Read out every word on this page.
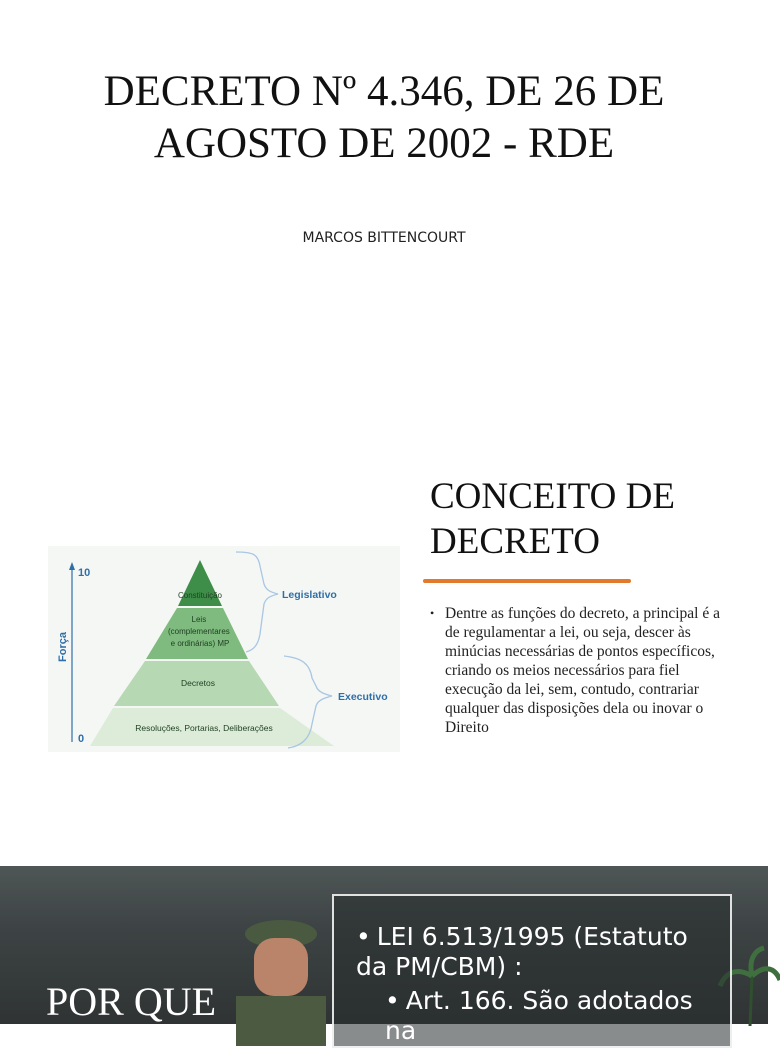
DECRETO Nº 4.346, DE 26 DE AGOSTO DE 2002 - RDE
MARCOS BITTENCOURT
10
0
Força
Constituição
Leis (complementares e ordinárias) MP
Decretos
Resoluções, Portarias, Deliberações
Legislativo
Executivo
CONCEITO DE DECRETO
• Dentre as funções do decreto, a principal é a de regulamentar a lei, ou seja, descer às minúcias necessárias de pontos específicos, criando os meios necessários para fiel execução da lei, sem, contudo, contrariar qualquer das disposições dela ou inovar o Direito
POR QUE
• LEI 6.513/1995 (Estatuto da PM/CBM) :
• Art. 166. São adotados na
